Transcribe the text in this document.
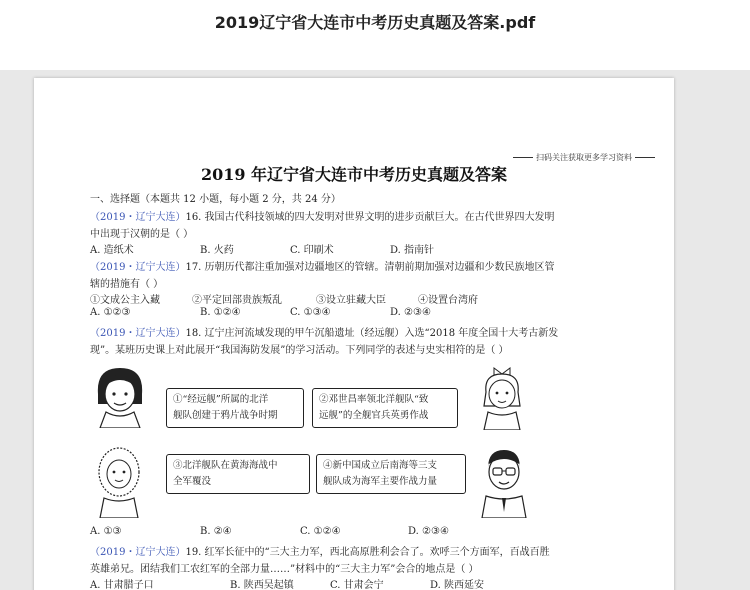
2019辽宁省大连市中考历史真题及答案.pdf
扫码关注获取更多学习资料
2019 年辽宁省大连市中考历史真题及答案
一、选择题（本题共 12 小题，每小题 2 分，共 24 分）
（2019・辽宁大连）16. 我国古代科技领域的四大发明对世界文明的进步贡献巨大。在古代世界四大发明
中出现于汉朝的是（ ）
A. 造纸术	B. 火药	C. 印刷术	D. 指南针
（2019・辽宁大连）17. 历朝历代都注重加强对边疆地区的管辖。清朝前期加强对边疆和少数民族地区管
辖的措施有（ ）
①文成公主入藏	②平定回部贵族叛乱	③设立驻藏大臣	④设置台湾府
A. ①②③	B. ①②④	C. ①③④	D. ②③④
（2019・辽宁大连）18. 辽宁庄河流域发现的甲午沉船遗址（经远舰）入选“2018 年度全国十大考古新发
现”。某班历史课上对此展开“我国海防发展”的学习活动。下列同学的表述与史实相符的是（ ）
①“经远舰”所属的北洋
舰队创建于鸦片战争时期
②邓世昌率领北洋舰队“致
远舰”的全舰官兵英勇作战
③北洋舰队在黄海海战中
全军覆没
④新中国成立后南海等三支
舰队成为海军主要作战力量
A. ①③	B. ②④	C. ①②④	D. ②③④
（2019・辽宁大连）19. 红军长征中的“三大主力军，西北高原胜利会合了。欢呼三个方面军，百战百胜
英雄弟兄。团结我们工农红军的全部力量……”材料中的“三大主力军”会合的地点是（ ）
A. 甘肃腊子口	B. 陕西吴起镇	C. 甘肃会宁	D. 陕西延安
